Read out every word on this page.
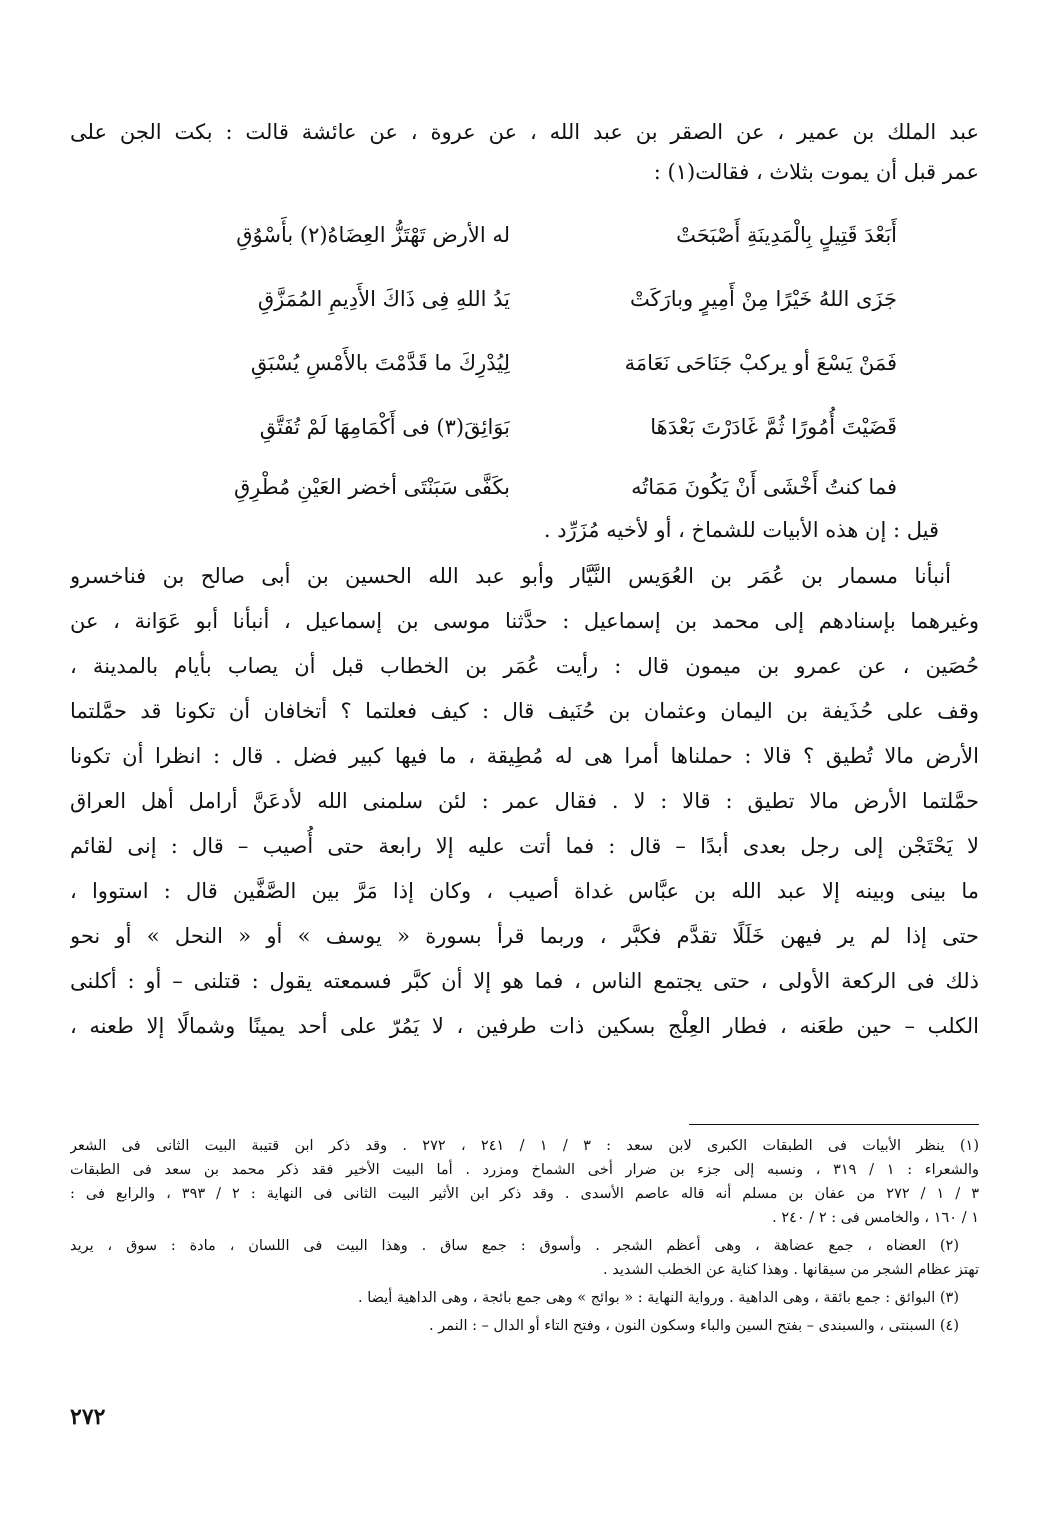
عبد الملك بن عمير ، عن الصقر بن عبد الله ، عن عروة ، عن عائشة قالت : بكت الجن على
عمر قبل أن يموت بثلاث ، فقالت(١) :
أَبَعْدَ قَتِيلٍ بِالْمَدِينَةِ أَصْبَحَتْ
له الأرض تَهْتَزُّ العِضَاهُ(٢) بأَسْوُقِ
جَزَى اللهُ خَيْرًا مِنْ أَمِيرٍ وبارَكَتْ
يَدُ اللهِ فِى ذَاكَ الأَدِيمِ المُمَزَّقِ
فَمَنْ يَسْعَ أو يركبْ جَنَاحَى نَعَامَة
لِيُدْرِكَ ما قَدَّمْتَ بالأَمْسِ يُسْبَقِ
قَضَيْتَ أُمُورًا ثُمَّ غَادَرْتَ بَعْدَهَا
بَوَائِقَ(٣) فى أَكْمَامِهَا لَمْ تُفَتَّقِ
فما كنتُ أَخْشَى أَنْ يَكُونَ مَمَاتُه
بكَفَّى سَبَنْتَى أخضر العَيْنِ مُطْرِقِ
قيل : إن هذه الأبيات للشماخ ، أو لأخيه مُزَرِّد .
أنبأنا مسمار بن عُمَر بن العُوَيس النَّيَّار وأبو عبد الله الحسين بن أبى صالح بن فناخسرو
وغيرهما بإسنادهم إلى محمد بن إسماعيل : حدَّثنا موسى بن إسماعيل ، أنبأنا أبو عَوَانة ، عن
حُصَين ، عن عمرو بن ميمون قال : رأيت عُمَر بن الخطاب قبل أن يصاب بأيام بالمدينة ،
وقف على حُذَيفة بن اليمان وعثمان بن حُنَيف قال : كيف فعلتما ؟ أتخافان أن تكونا قد حمَّلتما
الأرض مالا تُطيق ؟ قالا : حملناها أمرا هى له مُطِيقة ، ما فيها كبير فضل . قال : انظرا أن تكونا
حمَّلتما الأرض مالا تطيق : قالا : لا . فقال عمر : لئن سلمنى الله لأدعَنَّ أرامل أهل العراق
لا يَحْتَجْن إلى رجل بعدى أبدًا – قال : فما أتت عليه إلا رابعة حتى أُصيب – قال : إنى لقائم
ما بينى وبينه إلا عبد الله بن عبَّاس غداة أصيب ، وكان إذا مَرَّ بين الصَّفَّين قال : استووا ،
حتى إذا لم ير فيهن خَلَلًا تقدَّم فكبَّر ، وربما قرأ بسورة « يوسف » أو « النحل » أو نحو
ذلك فى الركعة الأولى ، حتى يجتمع الناس ، فما هو إلا أن كبَّر فسمعته يقول : قتلنى – أو : أكلنى
الكلب – حين طعَنه ، فطار العِلْج بسكين ذات طرفين ، لا يَمُرّ على أحد يمينًا وشمالًا إلا طعنه ،
(١) ينظر الأبيات فى الطبقات الكبرى لابن سعد : ٣ / ١ / ٢٤١ ، ٢٧٢ . وقد ذكر ابن قتيبة البيت الثانى فى الشعر
والشعراء : ١ / ٣١٩ ، ونسبه إلى جزء بن ضرار أخى الشماخ ومزرد . أما البيت الأخير فقد ذكر محمد بن سعد فى الطبقات
٣ / ١ / ٢٧٢ من عفان بن مسلم أنه قاله عاصم الأسدى . وقد ذكر ابن الأثير البيت الثانى فى النهاية : ٢ / ٣٩٣ ، والرابع فى :
١ / ١٦٠ ، والخامس فى : ٢ / ٢٤٠ .
(٢) العضاه ، جمع عضاهة ، وهى أعظم الشجر . وأسوق : جمع ساق . وهذا البيت فى اللسان ، مادة : سوق ، يريد
تهتز عظام الشجر من سيقانها . وهذا كناية عن الخطب الشديد .
(٣) البوائق : جمع بائقة ، وهى الداهية . ورواية النهاية : « بوائج » وهى جمع بائجة ، وهى الداهية أيضا .
(٤) السبنتى ، والسبندى – بفتح السين والباء وسكون النون ، وفتح التاء أو الدال – : النمر .
٢٧٢
